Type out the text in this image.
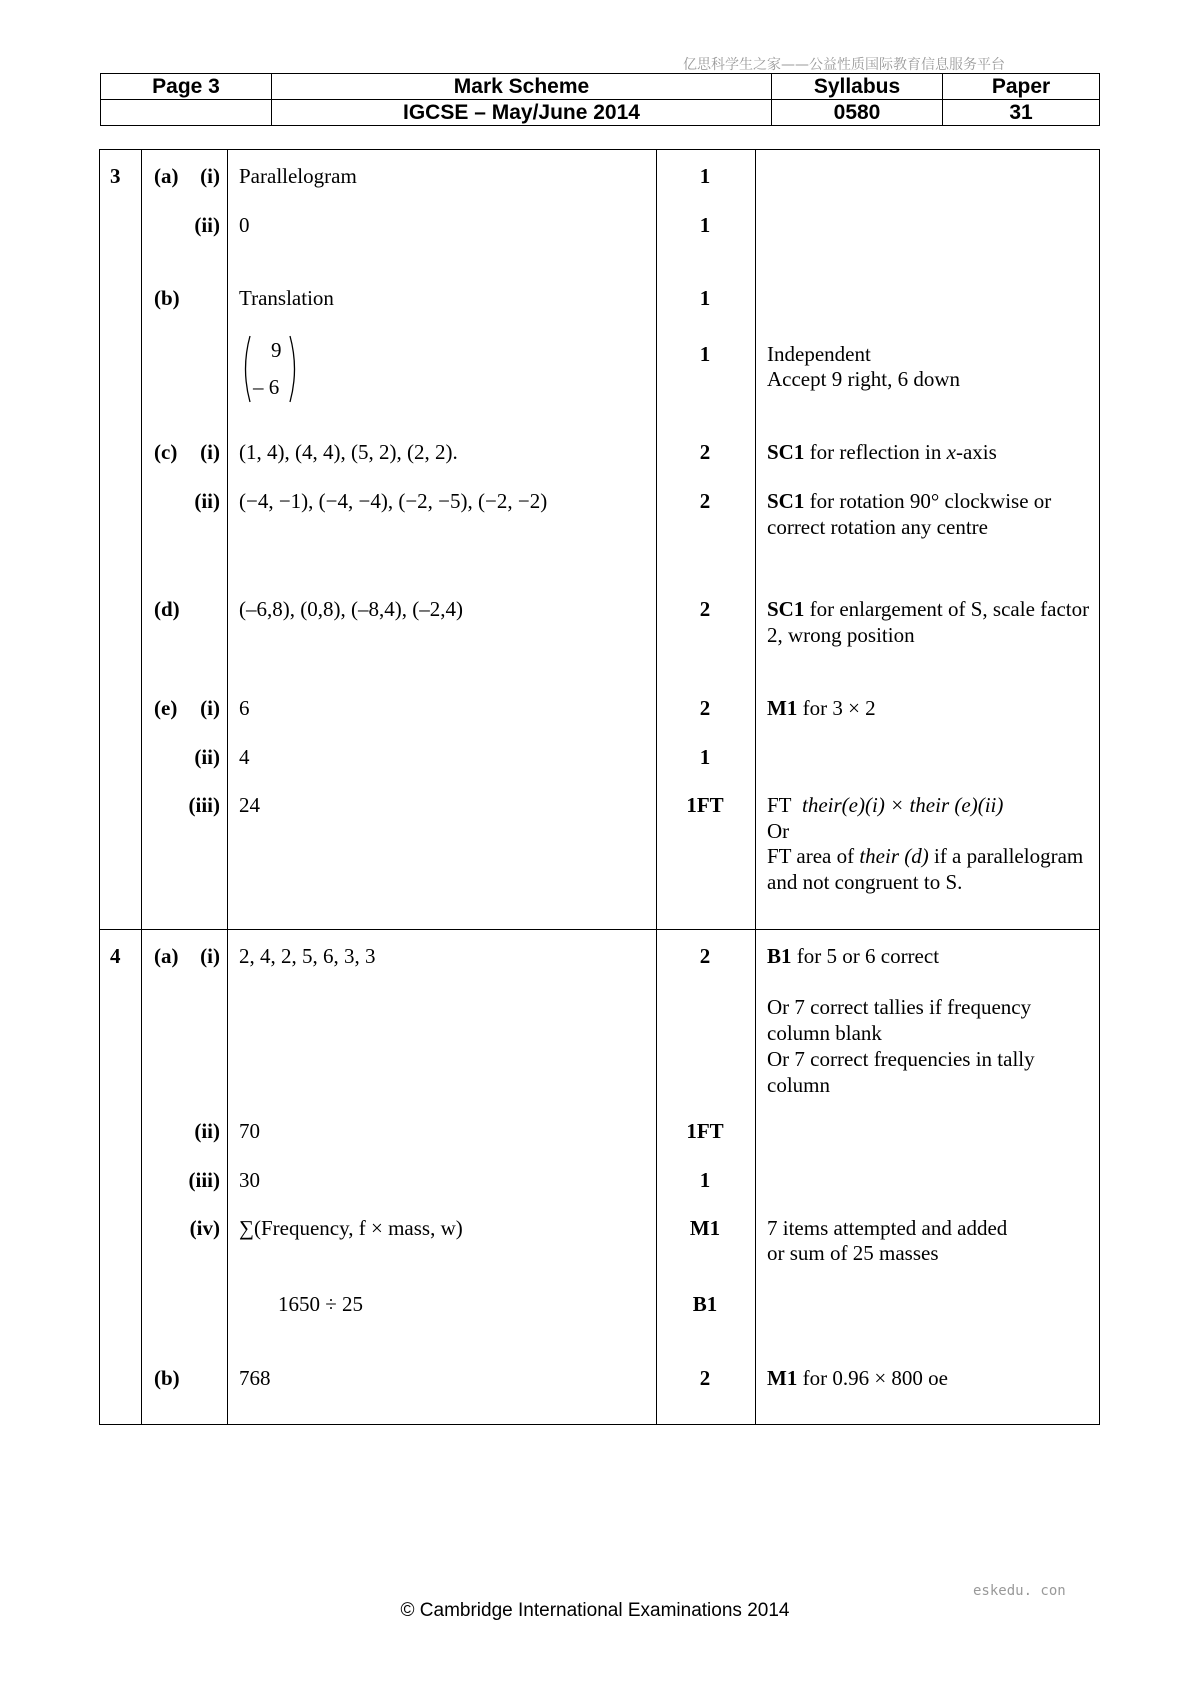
亿思科学生之家——公益性质国际教育信息服务平台
Page 3	Mark Scheme	Syllabus	Paper
	IGCSE – May/June 2014	0580	31
3 (a)	(i) Parallelogram	1
(ii) 0	1
(b)	Translation	1
9
– 6
1	Independent
Accept 9 right, 6 down
(c)	(i) (1, 4), (4, 4), (5, 2), (2, 2).	2	SC1 for reflection in x-axis
(ii) (−4, −1), (−4, −4), (−2, −5), (−2, −2)	2	SC1 for rotation 90° clockwise or correct rotation any centre
(d)	(–6,8), (0,8), (–8,4), (–2,4)	2	SC1 for enlargement of S, scale factor 2, wrong position
(e)	(i) 6	2	M1 for 3 × 2
(ii) 4	1
(iii) 24	1FT	FT their(e)(i) × their (e)(ii)
Or
FT area of their (d) if a parallelogram and not congruent to S.
4 (a)	(i) 2, 4, 2, 5, 6, 3, 3	2	B1 for 5 or 6 correct
Or 7 correct tallies if frequency column blank
Or 7 correct frequencies in tally column
(ii) 70	1FT
(iii) 30	1
(iv) ∑(Frequency, f × mass, w)	M1	7 items attempted and added
or sum of 25 masses
1650 ÷ 25	B1
(b)	768	2	M1 for 0.96 × 800 oe
eskedu. con
© Cambridge International Examinations 2014
